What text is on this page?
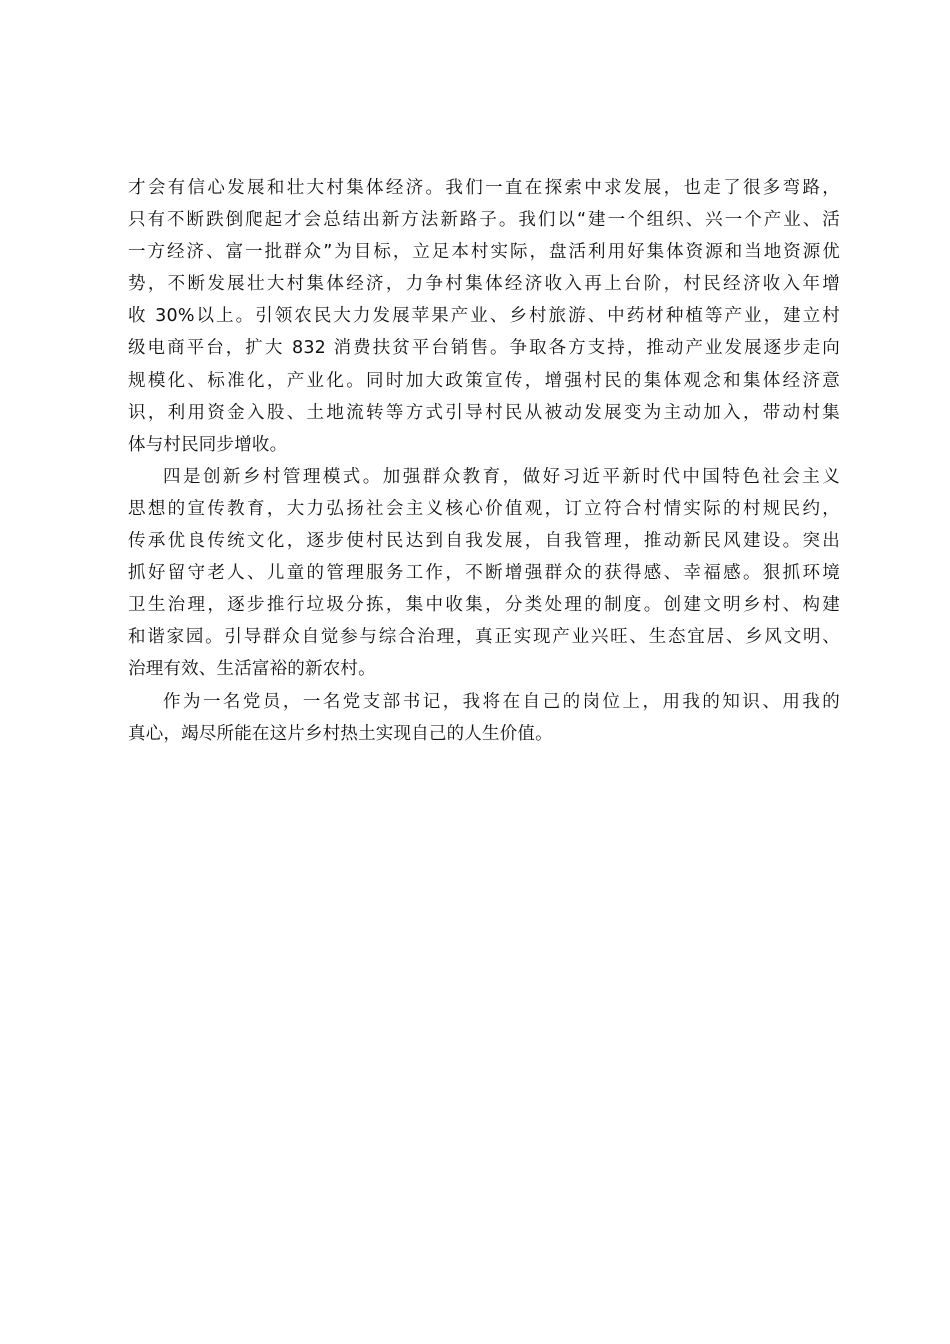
才会有信心发展和壮大村集体经济。我们一直在探索中求发展，也走了很多弯路，
只有不断跌倒爬起才会总结出新方法新路子。我们以“建一个组织、兴一个产业、活
一方经济、富一批群众”为目标，立足本村实际，盘活利用好集体资源和当地资源优
势，不断发展壮大村集体经济，力争村集体经济收入再上台阶，村民经济收入年增
收 30%以上。引领农民大力发展苹果产业、乡村旅游、中药材种植等产业，建立村
级电商平台，扩大 832 消费扶贫平台销售。争取各方支持，推动产业发展逐步走向
规模化、标准化，产业化。同时加大政策宣传，增强村民的集体观念和集体经济意
识，利用资金入股、土地流转等方式引导村民从被动发展变为主动加入，带动村集
体与村民同步增收。
四是创新乡村管理模式。加强群众教育，做好习近平新时代中国特色社会主义
思想的宣传教育，大力弘扬社会主义核心价值观，订立符合村情实际的村规民约，
传承优良传统文化，逐步使村民达到自我发展，自我管理，推动新民风建设。突出
抓好留守老人、儿童的管理服务工作，不断增强群众的获得感、幸福感。狠抓环境
卫生治理，逐步推行垃圾分拣，集中收集，分类处理的制度。创建文明乡村、构建
和谐家园。引导群众自觉参与综合治理，真正实现产业兴旺、生态宜居、乡风文明、
治理有效、生活富裕的新农村。
作为一名党员，一名党支部书记，我将在自己的岗位上，用我的知识、用我的
真心，竭尽所能在这片乡村热土实现自己的人生价值。
